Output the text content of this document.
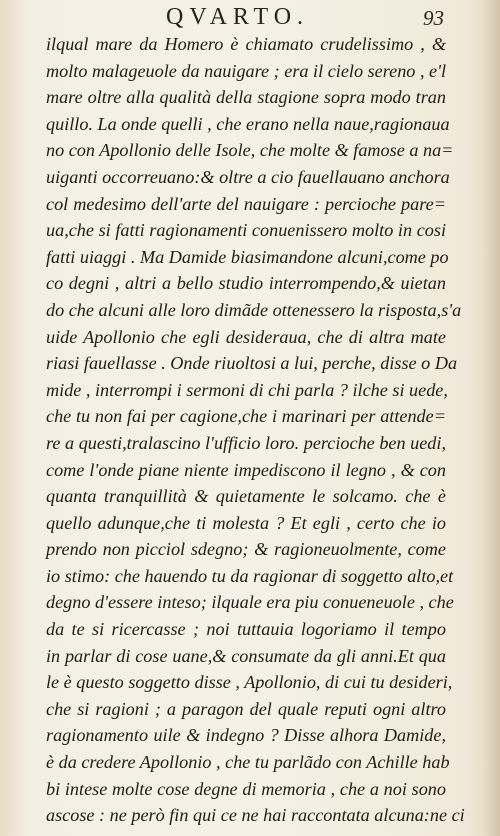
QVARTO.	93
ilqual mare da Homero è chiamato crudelissimo , &
molto malageuole da nauigare ; era il cielo sereno , e'l
mare oltre alla qualità della stagione sopra modo tran
quillo. La onde quelli , che erano nella naue,ragionaua
no con Apollonio delle Isole, che molte & famose a na=
uiganti occorreuano:& oltre a cio fauellauano anchora
col medesimo dell'arte del nauigare : percioche pare=
ua,che si fatti ragionamenti conuenissero molto in cosi
fatti uiaggi . Ma Damide biasimandone alcuni,come po
co degni , altri a bello studio interrompendo,& uietan
do che alcuni alle loro dimãde ottenessero la risposta,s'a
uide Apollonio che egli desideraua, che di altra mate
riasi fauellasse . Onde riuoltosi a lui, perche, disse o Da
mide , interrompi i sermoni di chi parla ? ilche si uede,
che tu non fai per cagione,che i marinari per attende=
re a questi,tralascino l'ufficio loro. percioche ben uedi,
come l'onde piane niente impediscono il legno , & con
quanta tranquillità & quietamente le solcamo. che è
quello adunque,che ti molesta ? Et egli , certo che io
prendo non picciol sdegno; & ragioneuolmente, come
io stimo: che hauendo tu da ragionar di soggetto alto,et
degno d'essere inteso; ilquale era piu conueneuole , che
da te si ricercasse ; noi tuttauia logoriamo il tempo
in parlar di cose uane,& consumate da gli anni.Et qua
le è questo soggetto disse , Apollonio, di cui tu desideri,
che si ragioni ; a paragon del quale reputi ogni altro
ragionamento uile & indegno ? Disse alhora Damide,
è da credere Apollonio , che tu parlãdo con Achille hab
bi intese molte cose degne di memoria , che a noi sono
ascose : ne però fin qui ce ne hai raccontata alcuna:ne ci
